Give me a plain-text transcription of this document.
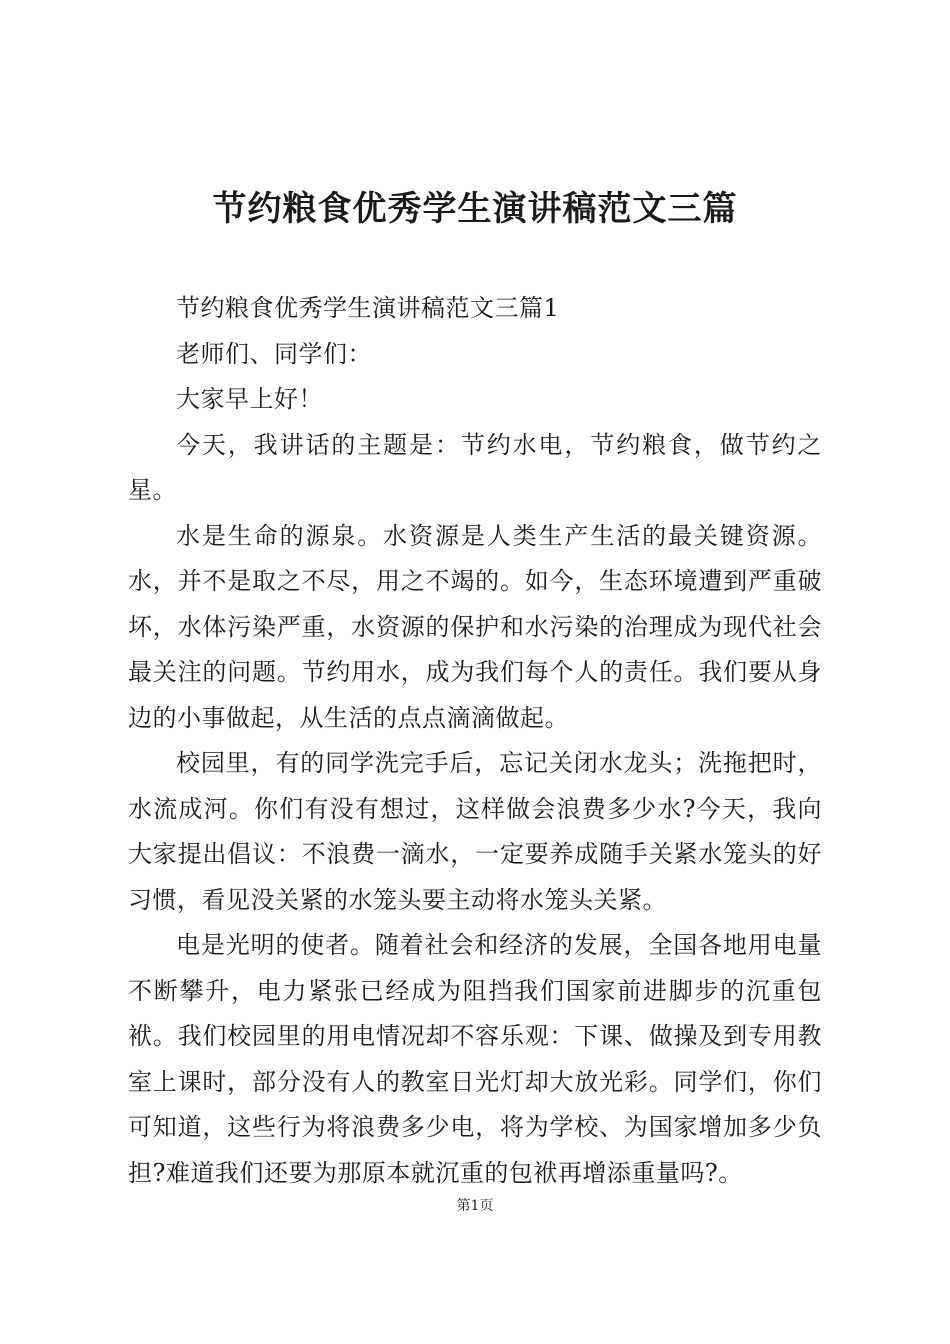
节约粮食优秀学生演讲稿范文三篇

节约粮食优秀学生演讲稿范文三篇1

老师们、同学们：

大家早上好！

今天，我讲话的主题是：节约水电，节约粮食，做节约之星。

水是生命的源泉。水资源是人类生产生活的最关键资源。水，并不是取之不尽，用之不竭的。如今，生态环境遭到严重破坏，水体污染严重，水资源的保护和水污染的治理成为现代社会最关注的问题。节约用水，成为我们每个人的责任。我们要从身边的小事做起，从生活的点点滴滴做起。

校园里，有的同学洗完手后，忘记关闭水龙头；洗拖把时，水流成河。你们有没有想过，这样做会浪费多少水?今天，我向大家提出倡议：不浪费一滴水，一定要养成随手关紧水笼头的好习惯，看见没关紧的水笼头要主动将水笼头关紧。

电是光明的使者。随着社会和经济的发展，全国各地用电量不断攀升，电力紧张已经成为阻挡我们国家前进脚步的沉重包袱。我们校园里的用电情况却不容乐观：下课、做操及到专用教室上课时，部分没有人的教室日光灯却大放光彩。同学们，你们可知道，这些行为将浪费多少电，将为学校、为国家增加多少负担?难道我们还要为那原本就沉重的包袱再增添重量吗?。

第1页
